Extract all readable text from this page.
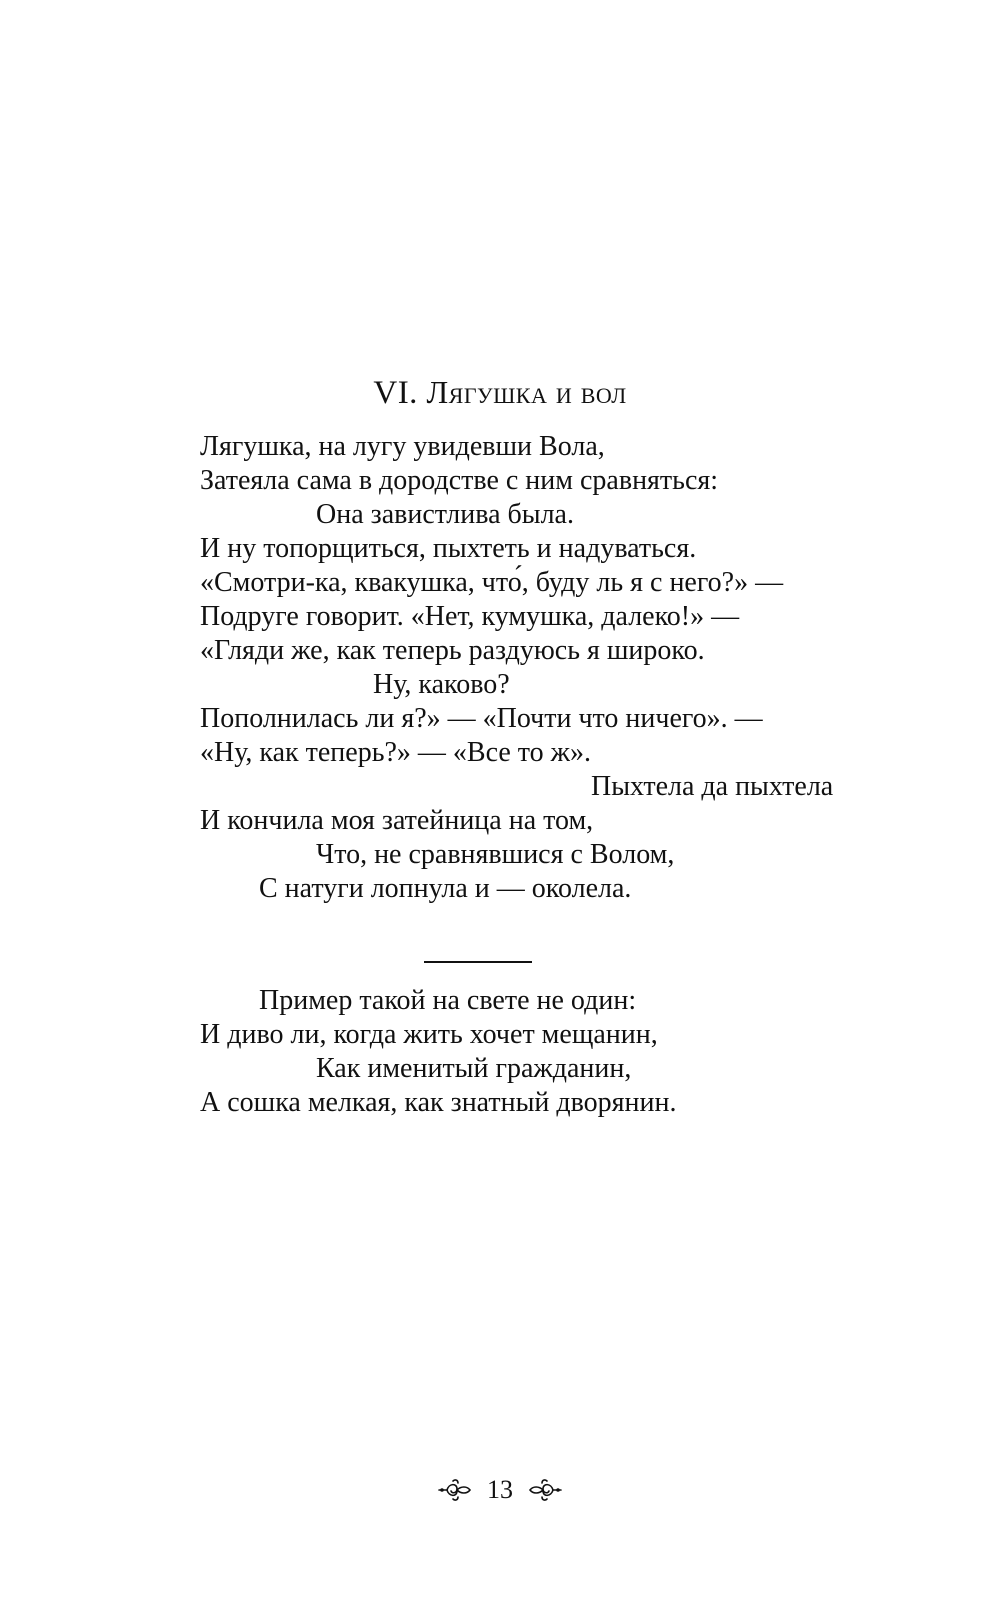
VI. Лягушка и вол
Лягушка, на лугу увидевши Вола,
Затеяла сама в дородстве с ним сравняться:
Она завистлива была.
И ну топорщиться, пыхтеть и надуваться.
«Смотри-ка, квакушка, что́, буду ль я с него?» —
Подруге говорит. «Нет, кумушка, далеко!» —
«Гляди же, как теперь раздуюсь я широко.
Ну, каково?
Пополнилась ли я?» — «Почти что ничего». —
«Ну, как теперь?» — «Все то ж».
Пыхтела да пыхтела
И кончила моя затейница на том,
Что, не сравнявшися с Волом,
С натуги лопнула и — околела.
Пример такой на свете не один:
И диво ли, когда жить хочет мещанин,
Как именитый гражданин,
А сошка мелкая, как знатный дворянин.
13
